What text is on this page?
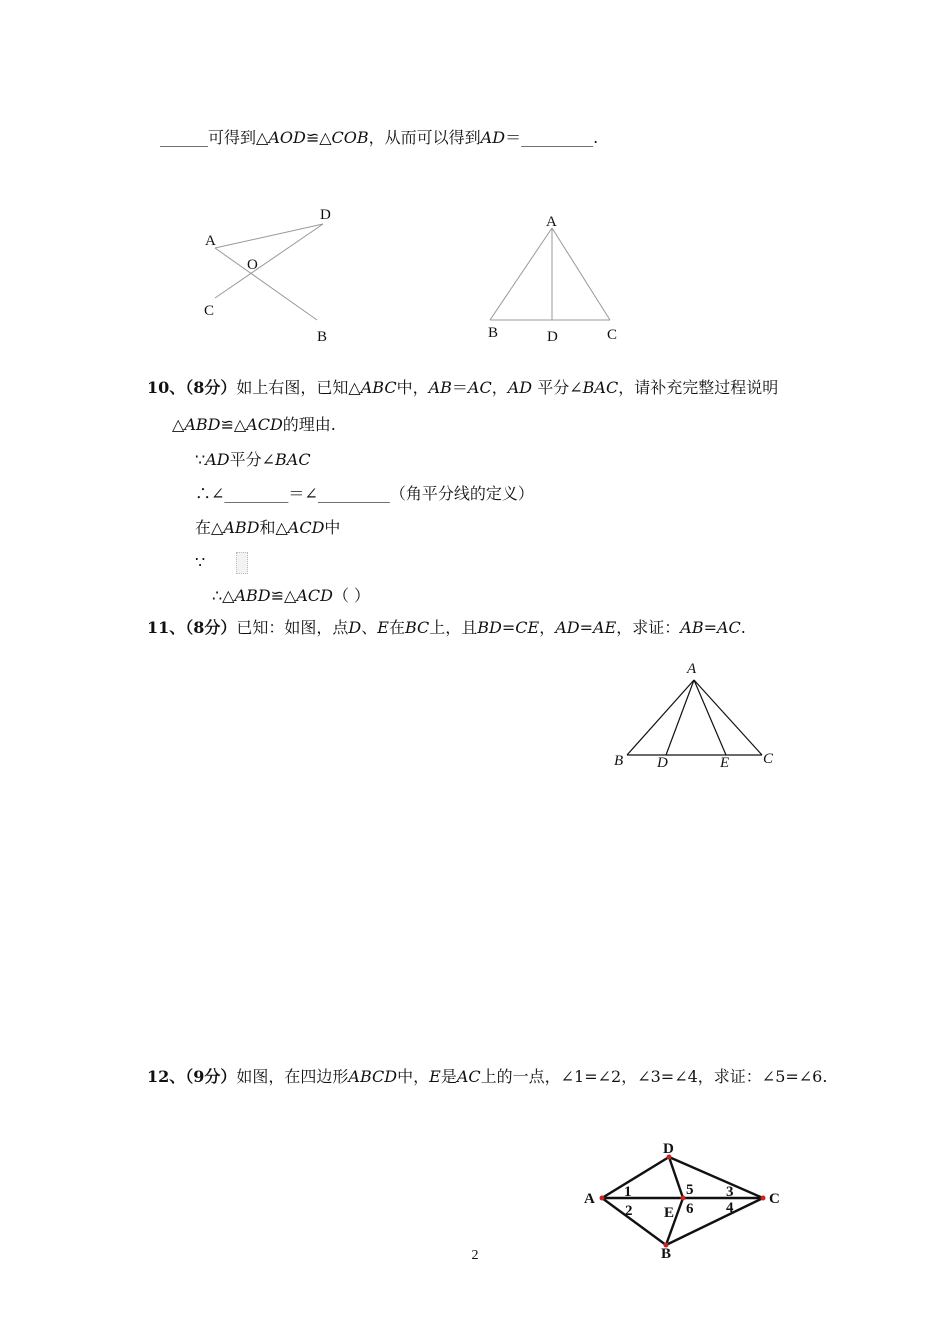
______可得到△AOD≌△COB，从而可以得到AD＝_________.
A
D
O
C
B
A
B	D	C
10、（8分）如上右图，已知△ABC中，AB＝AC，AD 平分∠BAC，请补充完整过程说明
△ABD≌△ACD的理由.
∵AD平分∠BAC
∴∠________＝∠_________（角平分线的定义）
在△ABD和△ACD中
∵
∴△ABD≌△ACD（ ）
11、（8分）已知：如图，点D、E在BC上，且BD=CE，AD=AE，求证：AB=AC.
A
B D	E C
12、（9分）如图，在四边形ABCD中，E是AC上的一点，∠1=∠2，∠3=∠4，求证：∠5=∠6.
A
D
C
B
E
1
2
3
4
5
6
2
